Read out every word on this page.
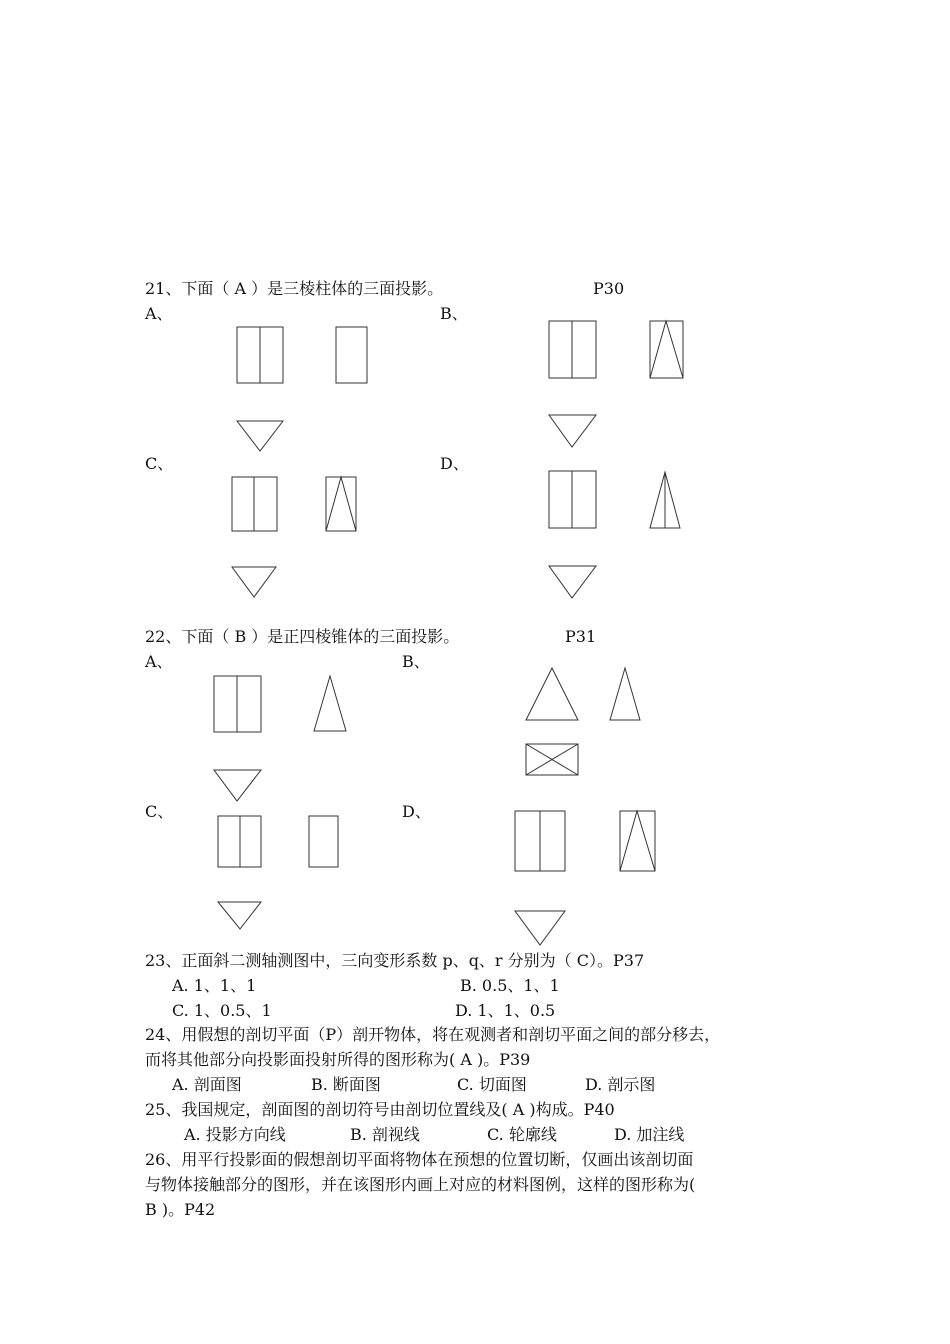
21、下面（ A ）是三棱柱体的三面投影。	P30
A、	B、
C、	D、
22、下面（ B ）是正四棱锥体的三面投影。	P31
A、	B、
C、	D、
23、正面斜二测轴测图中，三向变形系数 p、q、r 分别为（ C）。P37
A. 1、1、1	B. 0.5、1、1
C. 1、0.5、1	D. 1、1、0.5
24、用假想的剖切平面（P）剖开物体，将在观测者和剖切平面之间的部分移去，
而将其他部分向投影面投射所得的图形称为( A )。P39
A. 剖面图	B. 断面图	C. 切面图	D. 剖示图
25、我国规定，剖面图的剖切符号由剖切位置线及( A )构成。P40
A. 投影方向线	B. 剖视线	C. 轮廓线	D. 加注线
26、用平行投影面的假想剖切平面将物体在预想的位置切断，仅画出该剖切面
与物体接触部分的图形，并在该图形内画上对应的材料图例，这样的图形称为(
B )。P42
